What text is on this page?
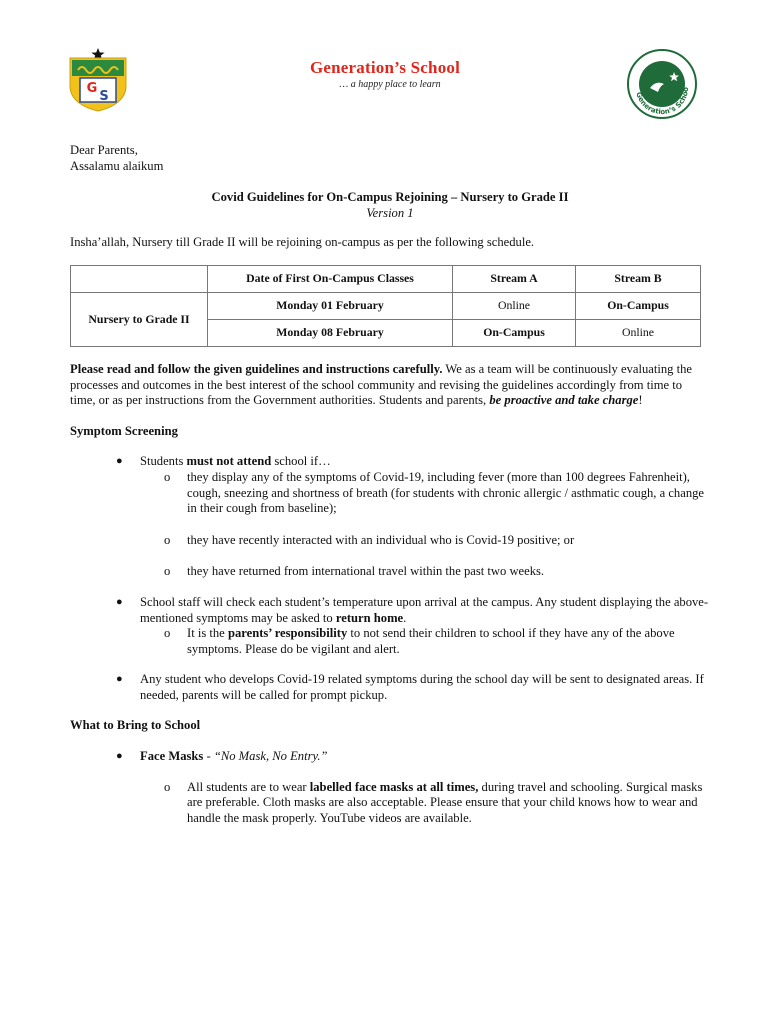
G
S
Generation’s School
… a happy place to learn
Generation’s Schoo

Dear Parents,

Assalamu alaikum

Covid Guidelines for On-Campus Rejoining – Nursery to Grade II

Version 1

Insha’allah, Nursery till Grade II will be rejoining on-campus as per the following schedule.

	Date of First On-Campus Classes	Stream A	Stream B
Nursery to Grade II	Monday 01 February	Online	On-Campus
	Monday 08 February	On-Campus	Online

Please read and follow the given guidelines and instructions carefully. We as a team will be continuously evaluating the processes and outcomes in the best interest of the school community and revising the guidelines accordingly from time to time, or as per instructions from the Government authorities. Students and parents, be proactive and take charge!

Symptom Screening

● Students must not attend school if…
o they display any of the symptoms of Covid-19, including fever (more than 100 degrees Fahrenheit), cough, sneezing and shortness of breath (for students with chronic allergic / asthmatic cough, a change in their cough from baseline);
o they have recently interacted with an individual who is Covid-19 positive; or
o they have returned from international travel within the past two weeks.
● School staff will check each student’s temperature upon arrival at the campus. Any student displaying the above-mentioned symptoms may be asked to return home.
o It is the parents’ responsibility to not send their children to school if they have any of the above symptoms. Please do be vigilant and alert.
● Any student who develops Covid-19 related symptoms during the school day will be sent to designated areas. If needed, parents will be called for prompt pickup.

What to Bring to School

● Face Masks - “No Mask, No Entry.”
o All students are to wear labelled face masks at all times, during travel and schooling. Surgical masks are preferable. Cloth masks are also acceptable. Please ensure that your child knows how to wear and handle the mask properly. YouTube videos are available.
